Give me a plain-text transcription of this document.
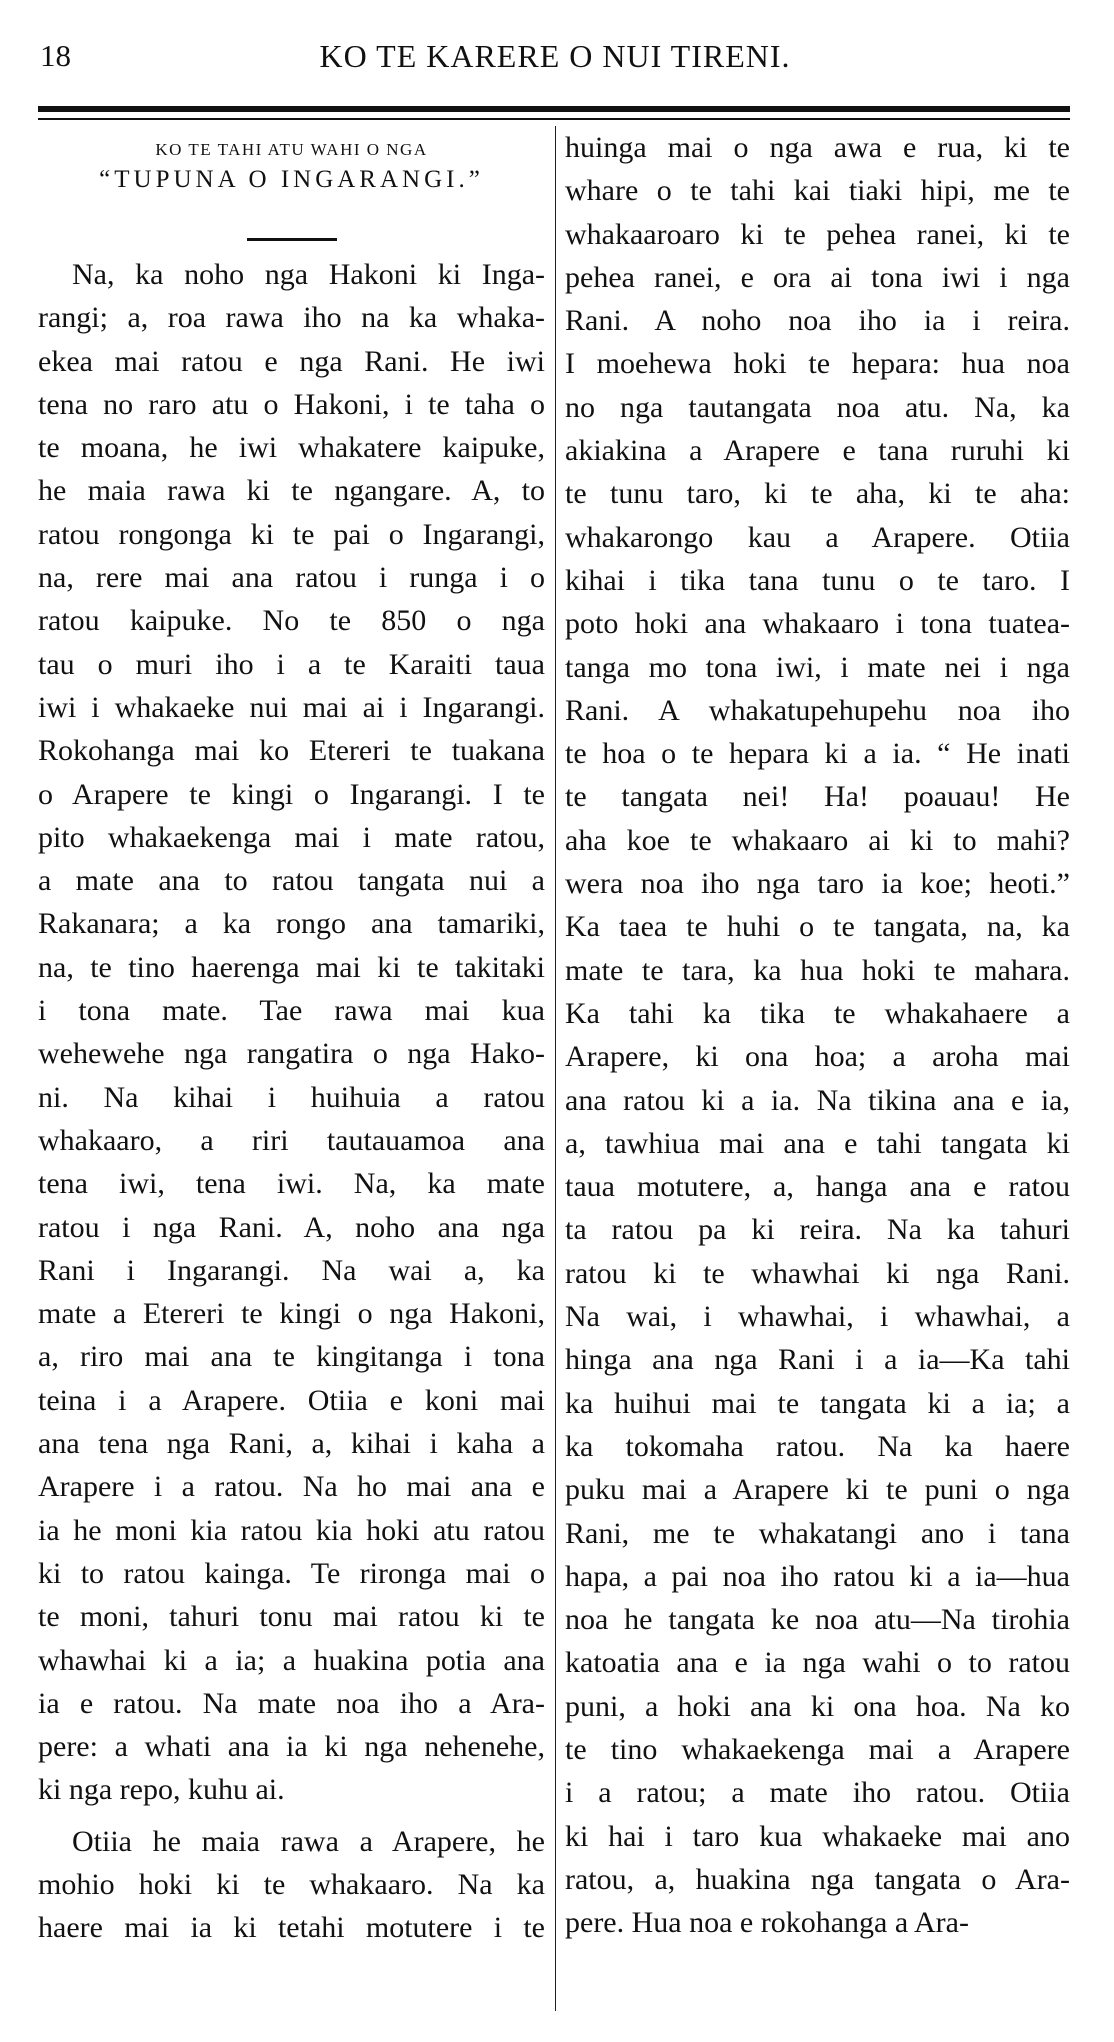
18	KO TE KARERE O NUI TIRENI.
KO TE TAHI ATU WAHI O NGA
“TUPUNA O INGARANGI.”
Na, ka noho nga Hakoni ki Inga-
rangi; a, roa rawa iho na ka whaka-
ekea mai ratou e nga Rani. He iwi
tena no raro atu o Hakoni, i te taha o
te moana, he iwi whakatere kaipuke,
he maia rawa ki te ngangare. A, to
ratou rongonga ki te pai o Ingarangi,
na, rere mai ana ratou i runga i o
ratou kaipuke. No te 850 o nga
tau o muri iho i a te Karaiti taua
iwi i whakaeke nui mai ai i Ingarangi.
Rokohanga mai ko Etereri te tuakana
o Arapere te kingi o Ingarangi. I te
pito whakaekenga mai i mate ratou,
a mate ana to ratou tangata nui a
Rakanara; a ka rongo ana tamariki,
na, te tino haerenga mai ki te takitaki
i tona mate. Tae rawa mai kua
wehewehe nga rangatira o nga Hako-
ni. Na kihai i huihuia a ratou
whakaaro, a riri tautauamoa ana
tena iwi, tena iwi. Na, ka mate
ratou i nga Rani. A, noho ana nga
Rani i Ingarangi. Na wai a, ka
mate a Etereri te kingi o nga Hakoni,
a, riro mai ana te kingitanga i tona
teina i a Arapere. Otiia e koni mai
ana tena nga Rani, a, kihai i kaha a
Arapere i a ratou. Na ho mai ana e
ia he moni kia ratou kia hoki atu ratou
ki to ratou kainga. Te rironga mai o
te moni, tahuri tonu mai ratou ki te
whawhai ki a ia; a huakina potia ana
ia e ratou. Na mate noa iho a Ara-
pere: a whati ana ia ki nga nehenehe,
ki nga repo, kuhu ai.
Otiia he maia rawa a Arapere, he
mohio hoki ki te whakaaro. Na ka
haere mai ia ki tetahi motutere i te
huinga mai o nga awa e rua, ki te
whare o te tahi kai tiaki hipi, me te
whakaaroaro ki te pehea ranei, ki te
pehea ranei, e ora ai tona iwi i nga
Rani. A noho noa iho ia i reira.
I moehewa hoki te hepara: hua noa
no nga tautangata noa atu. Na, ka
akiakina a Arapere e tana ruruhi ki
te tunu taro, ki te aha, ki te aha:
whakarongo kau a Arapere. Otiia
kihai i tika tana tunu o te taro. I
poto hoki ana whakaaro i tona tuatea-
tanga mo tona iwi, i mate nei i nga
Rani. A whakatupehupehu noa iho
te hoa o te hepara ki a ia. “ He inati
te tangata nei! Ha! poauau! He
aha koe te whakaaro ai ki to mahi?
wera noa iho nga taro ia koe; heoti.”
Ka taea te huhi o te tangata, na, ka
mate te tara, ka hua hoki te mahara.
Ka tahi ka tika te whakahaere a
Arapere, ki ona hoa; a aroha mai
ana ratou ki a ia. Na tikina ana e ia,
a, tawhiua mai ana e tahi tangata ki
taua motutere, a, hanga ana e ratou
ta ratou pa ki reira. Na ka tahuri
ratou ki te whawhai ki nga Rani.
Na wai, i whawhai, i whawhai, a
hinga ana nga Rani i a ia—Ka tahi
ka huihui mai te tangata ki a ia; a
ka tokomaha ratou. Na ka haere
puku mai a Arapere ki te puni o nga
Rani, me te whakatangi ano i tana
hapa, a pai noa iho ratou ki a ia—hua
noa he tangata ke noa atu—Na tirohia
katoatia ana e ia nga wahi o to ratou
puni, a hoki ana ki ona hoa. Na ko
te tino whakaekenga mai a Arapere
i a ratou; a mate iho ratou. Otiia
ki hai i taro kua whakaeke mai ano
ratou, a, huakina nga tangata o Ara-
pere. Hua noa e rokohanga a Ara-
